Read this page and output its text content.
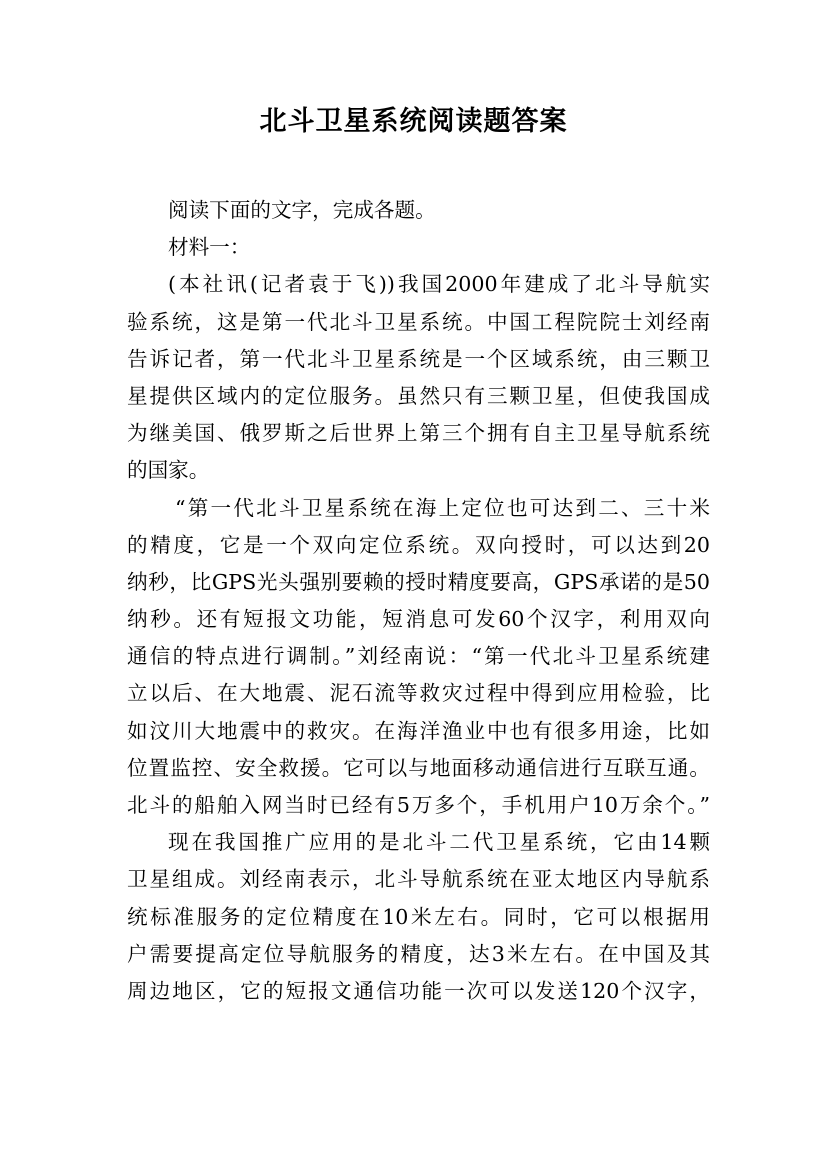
北斗卫星系统阅读题答案
阅读下面的文字，完成各题。
材料一：
(本社讯(记者袁于飞))我国2000年建成了北斗导航实
验系统，这是第一代北斗卫星系统。中国工程院院士刘经南
告诉记者，第一代北斗卫星系统是一个区域系统，由三颗卫
星提供区域内的定位服务。虽然只有三颗卫星，但使我国成
为继美国、俄罗斯之后世界上第三个拥有自主卫星导航系统
的国家。
“第一代北斗卫星系统在海上定位也可达到二、三十米
的精度，它是一个双向定位系统。双向授时，可以达到20
纳秒，比GPS光头强别要赖的授时精度要高，GPS承诺的是50
纳秒。还有短报文功能，短消息可发60个汉字，利用双向
通信的特点进行调制。”刘经南说：“第一代北斗卫星系统建
立以后、在大地震、泥石流等救灾过程中得到应用检验，比
如汶川大地震中的救灾。在海洋渔业中也有很多用途，比如
位置监控、安全救援。它可以与地面移动通信进行互联互通。
北斗的船舶入网当时已经有5万多个，手机用户10万余个。”
现在我国推广应用的是北斗二代卫星系统，它由14颗
卫星组成。刘经南表示，北斗导航系统在亚太地区内导航系
统标准服务的定位精度在10米左右。同时，它可以根据用
户需要提高定位导航服务的精度，达3米左右。在中国及其
周边地区，它的短报文通信功能一次可以发送120个汉字，
